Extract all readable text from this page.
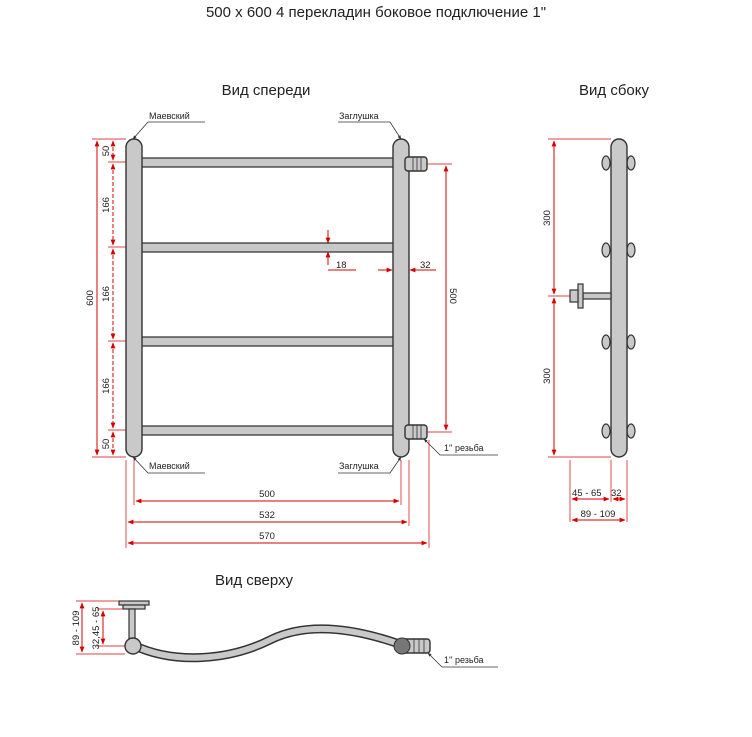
500 x 600 4 перекладин боковое подключение 1"
Вид спереди
Маевский	Заглушка
Маевский	Заглушка
1'' резьба
600
50
166
166
166
50
18	32
500
500
532
570
Вид сбоку
300
300
45 - 65 32
89 - 109
Вид сверху
1'' резьба
89 - 109 32,45 - 65
